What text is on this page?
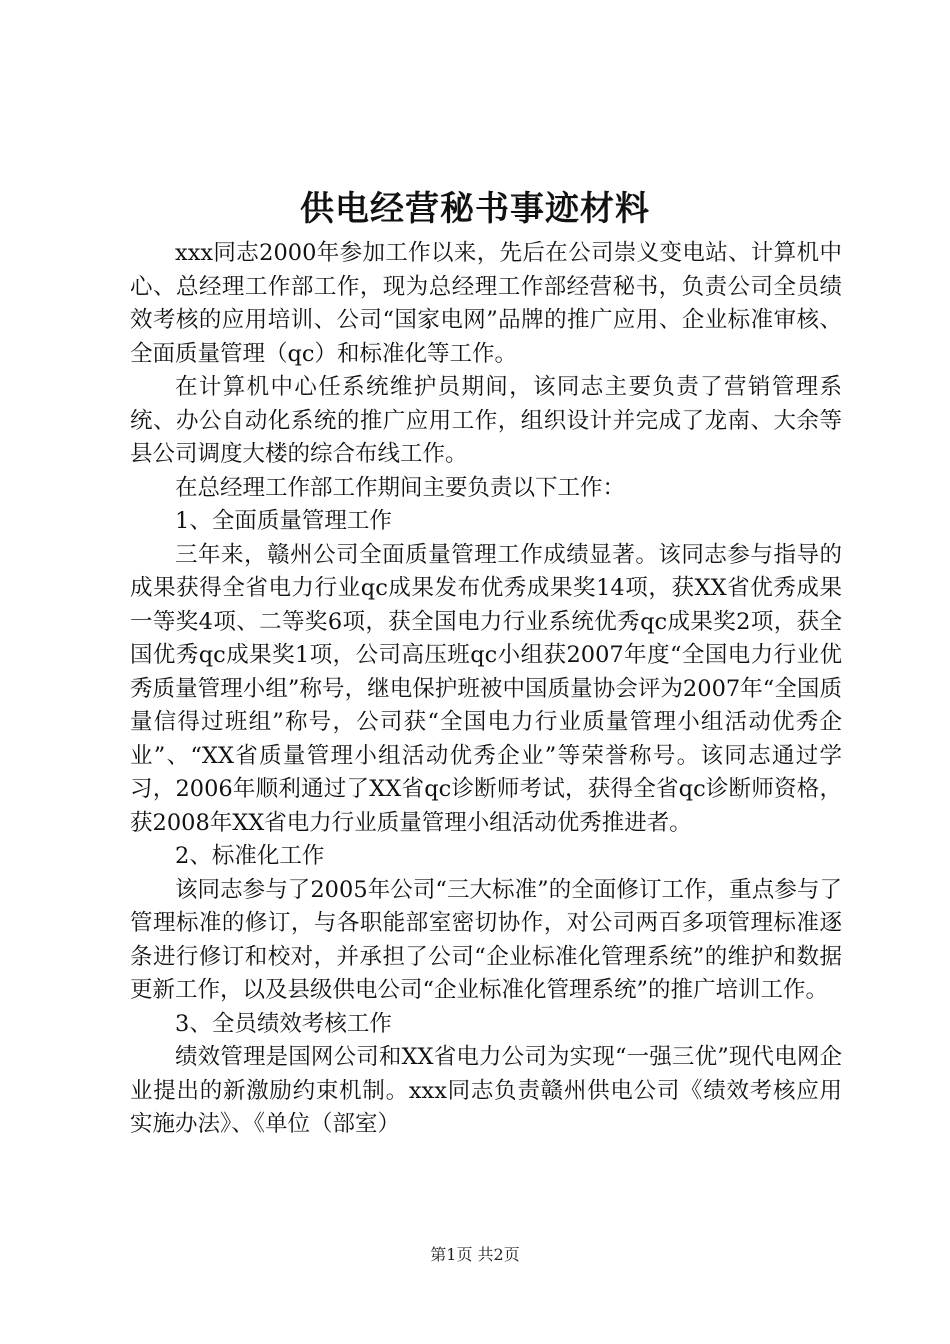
供电经营秘书事迹材料

xxx同志2000年参加工作以来，先后在公司崇义变电站、计算机中心、总经理工作部工作，现为总经理工作部经营秘书，负责公司全员绩效考核的应用培训、公司“国家电网”品牌的推广应用、企业标准审核、全面质量管理（qc）和标准化等工作。

在计算机中心任系统维护员期间，该同志主要负责了营销管理系统、办公自动化系统的推广应用工作，组织设计并完成了龙南、大余等县公司调度大楼的综合布线工作。

在总经理工作部工作期间主要负责以下工作：

1、全面质量管理工作

三年来，赣州公司全面质量管理工作成绩显著。该同志参与指导的成果获得全省电力行业qc成果发布优秀成果奖14项，获XX省优秀成果一等奖4项、二等奖6项，获全国电力行业系统优秀qc成果奖2项，获全国优秀qc成果奖1项，公司高压班qc小组获2007年度“全国电力行业优秀质量管理小组”称号，继电保护班被中国质量协会评为2007年“全国质量信得过班组”称号，公司获“全国电力行业质量管理小组活动优秀企业”、“XX省质量管理小组活动优秀企业”等荣誉称号。该同志通过学习，2006年顺利通过了XX省qc诊断师考试，获得全省qc诊断师资格，获2008年XX省电力行业质量管理小组活动优秀推进者。

2、标准化工作

该同志参与了2005年公司“三大标准”的全面修订工作，重点参与了管理标准的修订，与各职能部室密切协作，对公司两百多项管理标准逐条进行修订和校对，并承担了公司“企业标准化管理系统”的维护和数据更新工作，以及县级供电公司“企业标准化管理系统”的推广培训工作。

3、全员绩效考核工作

绩效管理是国网公司和XX省电力公司为实现“一强三优”现代电网企业提出的新激励约束机制。xxx同志负责赣州供电公司《绩效考核应用实施办法》、《单位（部室）

第1页 共2页
